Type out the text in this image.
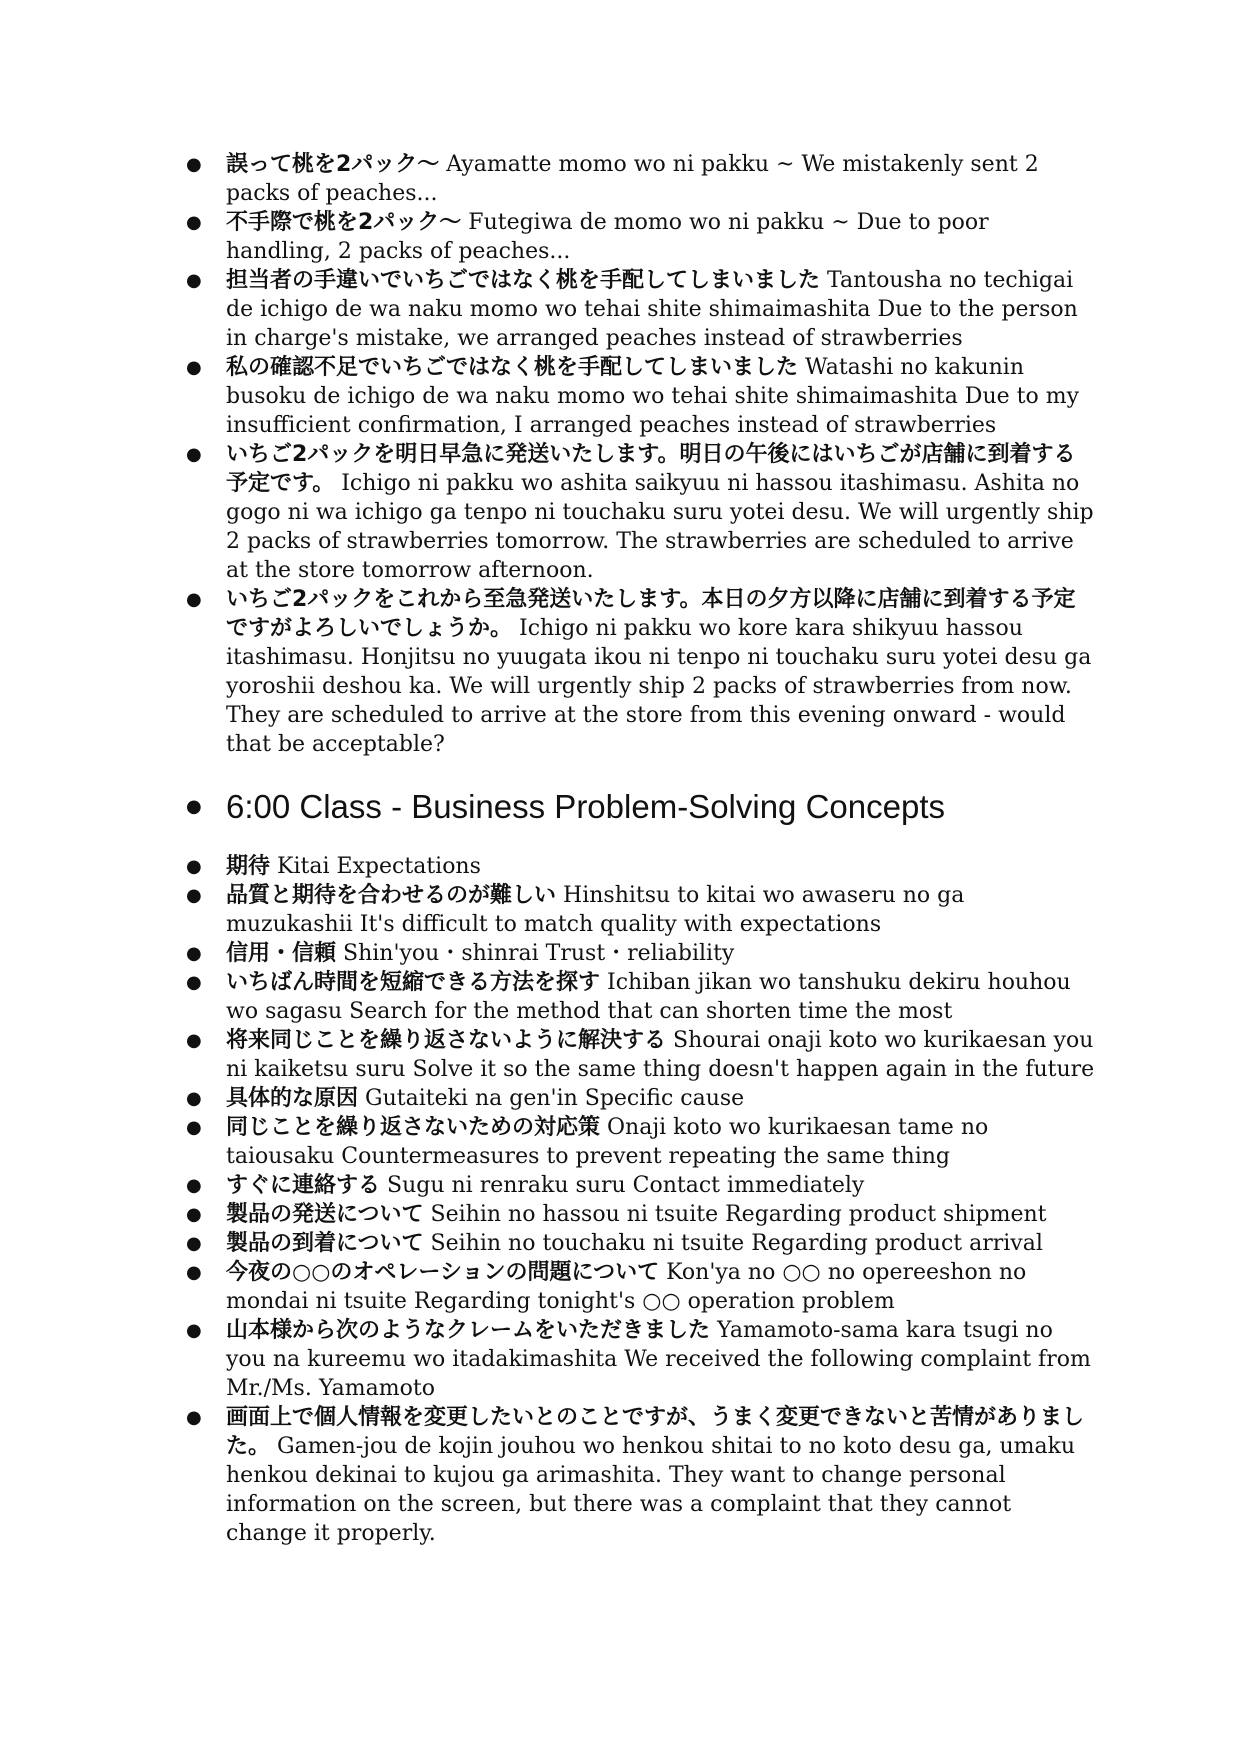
● 誤って桃を2パック〜 Ayamatte momo wo ni pakku ~ We mistakenly sent 2 packs of peaches...
● 不手際で桃を2パック〜 Futegiwa de momo wo ni pakku ~ Due to poor handling, 2 packs of peaches...
● 担当者の手違いでいちごではなく桃を手配してしまいました Tantousha no techigai de ichigo de wa naku momo wo tehai shite shimaimashita Due to the person in charge's mistake, we arranged peaches instead of strawberries
● 私の確認不足でいちごではなく桃を手配してしまいました Watashi no kakunin busoku de ichigo de wa naku momo wo tehai shite shimaimashita Due to my insufficient confirmation, I arranged peaches instead of strawberries
● いちご2パックを明日早急に発送いたします。明日の午後にはいちごが店舗に到着する予定です。 Ichigo ni pakku wo ashita saikyuu ni hassou itashimasu. Ashita no gogo ni wa ichigo ga tenpo ni touchaku suru yotei desu. We will urgently ship 2 packs of strawberries tomorrow. The strawberries are scheduled to arrive at the store tomorrow afternoon.
● いちご2パックをこれから至急発送いたします。本日の夕方以降に店舗に到着する予定ですがよろしいでしょうか。 Ichigo ni pakku wo kore kara shikyuu hassou itashimasu. Honjitsu no yuugata ikou ni tenpo ni touchaku suru yotei desu ga yoroshii deshou ka. We will urgently ship 2 packs of strawberries from now. They are scheduled to arrive at the store from this evening onward - would that be acceptable?
● 6:00 Class - Business Problem-Solving Concepts
● 期待 Kitai Expectations
● 品質と期待を合わせるのが難しい Hinshitsu to kitai wo awaseru no ga muzukashii It's difficult to match quality with expectations
● 信用・信頼 Shin'you・shinrai Trust・reliability
● いちばん時間を短縮できる方法を探す Ichiban jikan wo tanshuku dekiru houhou wo sagasu Search for the method that can shorten time the most
● 将来同じことを繰り返さないように解決する Shourai onaji koto wo kurikaesan you ni kaiketsu suru Solve it so the same thing doesn't happen again in the future
● 具体的な原因 Gutaiteki na gen'in Specific cause
● 同じことを繰り返さないための対応策 Onaji koto wo kurikaesan tame no taiousaku Countermeasures to prevent repeating the same thing
● すぐに連絡する Sugu ni renraku suru Contact immediately
● 製品の発送について Seihin no hassou ni tsuite Regarding product shipment
● 製品の到着について Seihin no touchaku ni tsuite Regarding product arrival
● 今夜の○○のオペレーションの問題について Kon'ya no ○○ no opereeshon no mondai ni tsuite Regarding tonight's ○○ operation problem
● 山本様から次のようなクレームをいただきました Yamamoto-sama kara tsugi no you na kureemu wo itadakimashita We received the following complaint from Mr./Ms. Yamamoto
● 画面上で個人情報を変更したいとのことですが、うまく変更できないと苦情がありました。 Gamen-jou de kojin jouhou wo henkou shitai to no koto desu ga, umaku henkou dekinai to kujou ga arimashita. They want to change personal information on the screen, but there was a complaint that they cannot change it properly.
